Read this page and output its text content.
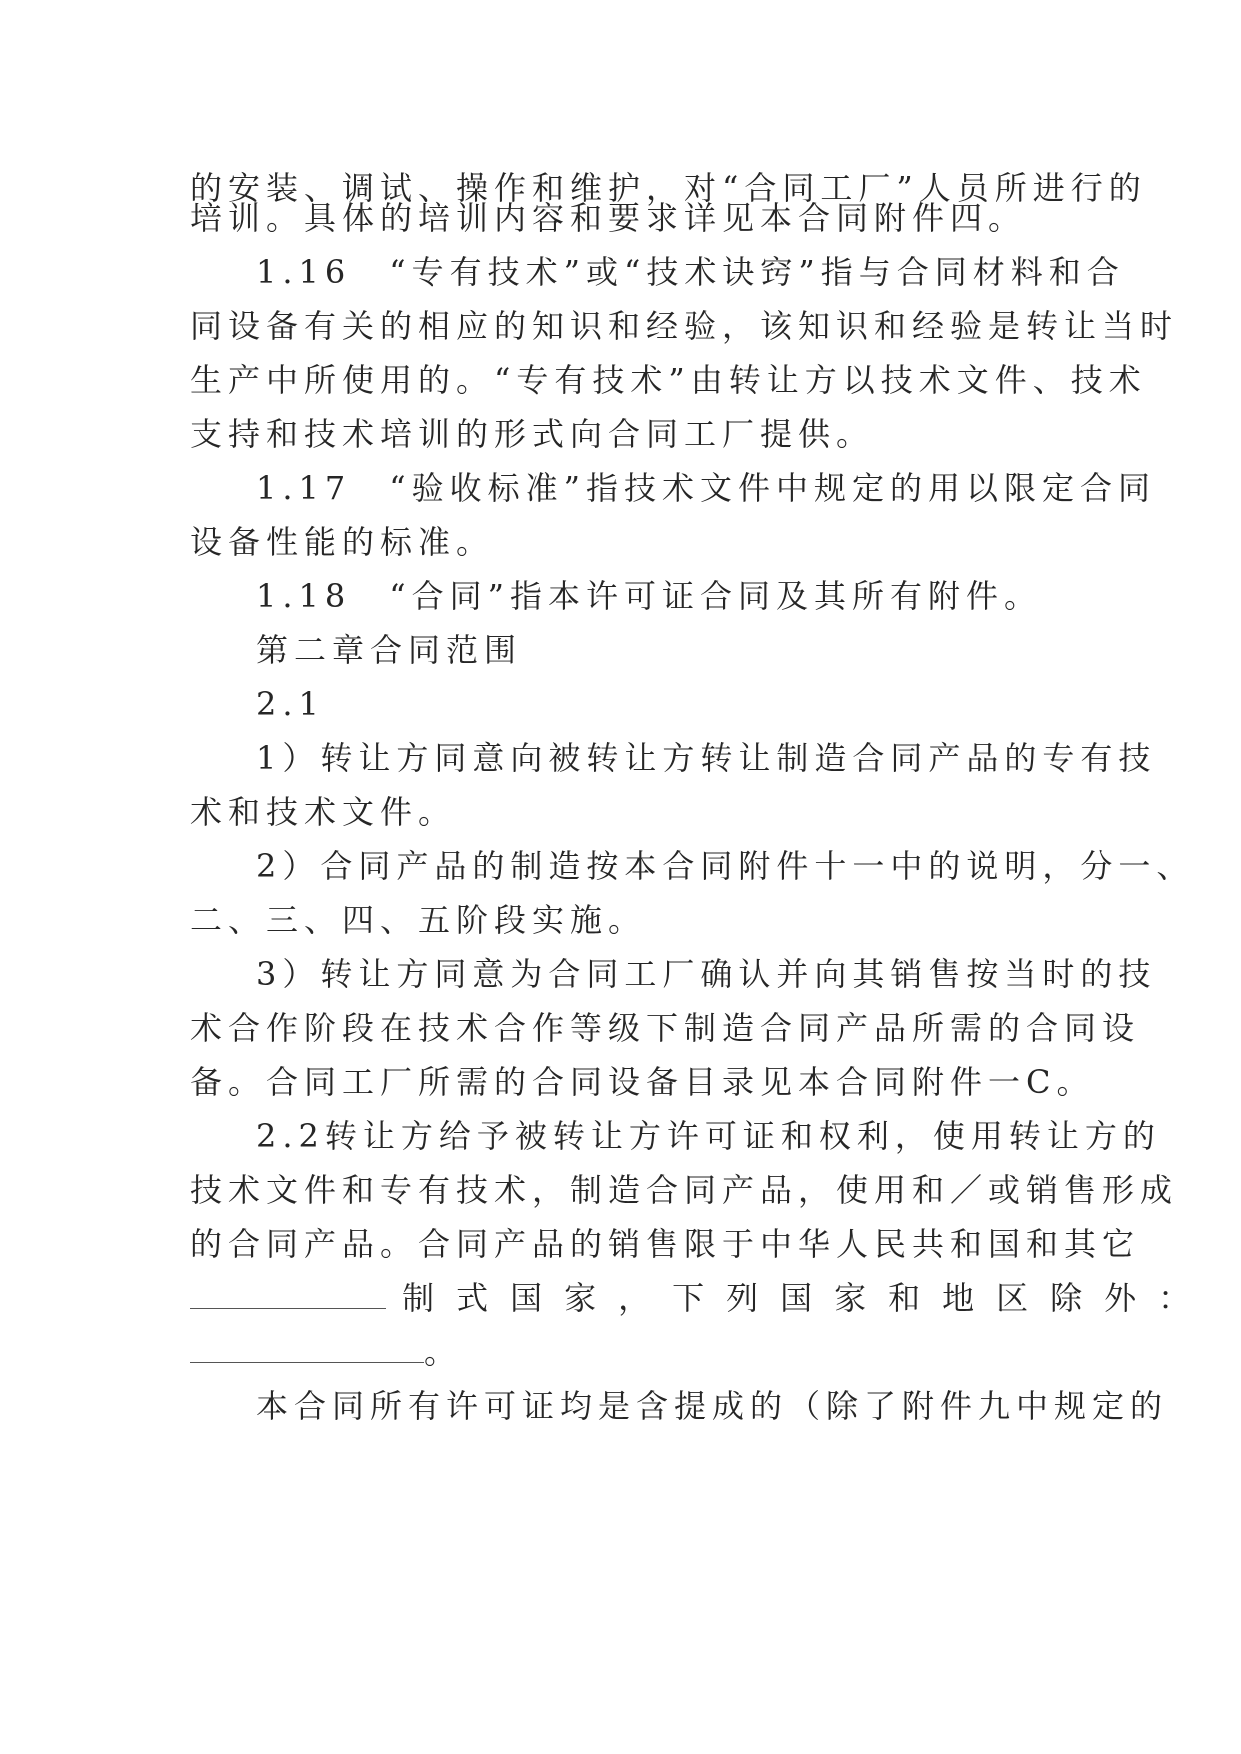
的安装、调试、操作和维护，对“合同工厂”人员所进行的
培训。具体的培训内容和要求详见本合同附件四。
1.16　“专有技术”或“技术诀窍”指与合同材料和合
同设备有关的相应的知识和经验，该知识和经验是转让当时
生产中所使用的。“专有技术”由转让方以技术文件、技术
支持和技术培训的形式向合同工厂提供。
1.17　“验收标准”指技术文件中规定的用以限定合同
设备性能的标准。
1.18　“合同”指本许可证合同及其所有附件。
第二章合同范围
2.1
1）转让方同意向被转让方转让制造合同产品的专有技
术和技术文件。
2）合同产品的制造按本合同附件十一中的说明，分一、
二、三、四、五阶段实施。
3）转让方同意为合同工厂确认并向其销售按当时的技
术合作阶段在技术合作等级下制造合同产品所需的合同设
备。合同工厂所需的合同设备目录见本合同附件一C。
2.2转让方给予被转让方许可证和权利，使用转让方的
技术文件和专有技术，制造合同产品，使用和／或销售形成
的合同产品。合同产品的销售限于中华人民共和国和其它
制式国家，下列国家和地区除外：
。
本合同所有许可证均是含提成的（除了附件九中规定的
